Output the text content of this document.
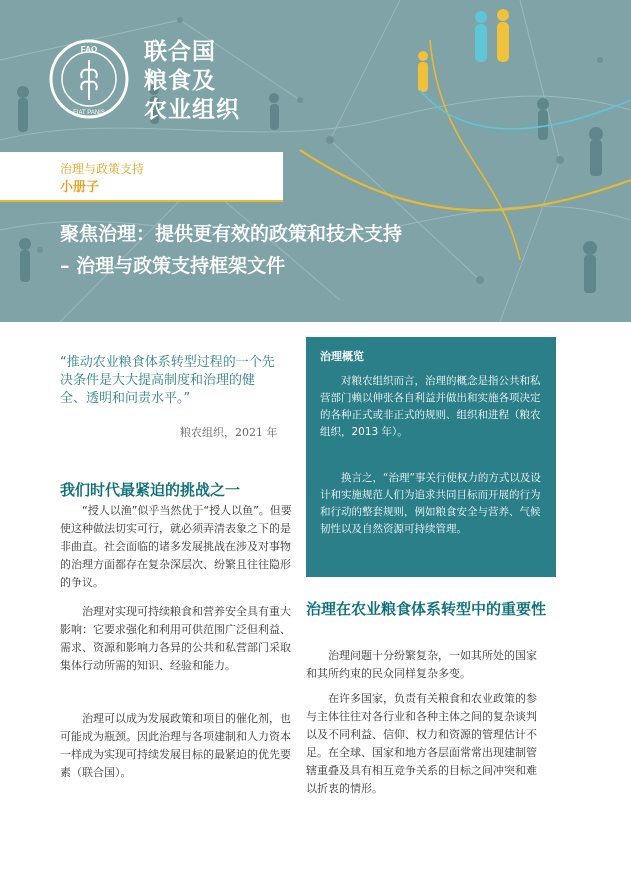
FAO
FIAT PANIS
联合国
粮食及
农业组织
治理与政策支持
小册子
聚焦治理：提供更有效的政策和技术支持
– 治理与政策支持框架文件
“推动农业粮食体系转型过程的一个先决条件是大大提高制度和治理的健全、透明和问责水平。”
粮农组织，2021 年
我们时代最紧迫的挑战之一
“授人以渔”似乎当然优于“授人以鱼”。但要使这种做法切实可行，就必须弄清表象之下的是非曲直。社会面临的诸多发展挑战在涉及对事物的治理方面都存在复杂深层次、纷繁且往往隐形的争议。
治理对实现可持续粮食和营养安全具有重大影响：它要求强化和利用可供范围广泛但利益、需求、资源和影响力各异的公共和私营部门采取集体行动所需的知识、经验和能力。
治理可以成为发展政策和项目的催化剂，也可能成为瓶颈。因此治理与各项建制和人力资本一样成为实现可持续发展目标的最紧迫的优先要素（联合国）。
治理概览
对粮农组织而言，治理的概念是指公共和私营部门赖以伸张各自利益并做出和实施各项决定的各种正式或非正式的规则、组织和进程（粮农组织，2013 年）。
换言之，“治理”事关行使权力的方式以及设计和实施规范人们为追求共同目标而开展的行为和行动的整套规则，例如粮食安全与营养、气候韧性以及自然资源可持续管理。
治理在农业粮食体系转型中的重要性
治理问题十分纷繁复杂，一如其所处的国家和其所约束的民众同样复杂多变。
在许多国家，负责有关粮食和农业政策的参与主体往往对各行业和各种主体之间的复杂谈判以及不同利益、信仰、权力和资源的管理估计不足。在全球、国家和地方各层面常常出现建制管辖重叠及具有相互竞争关系的目标之间冲突和难以折衷的情形。
